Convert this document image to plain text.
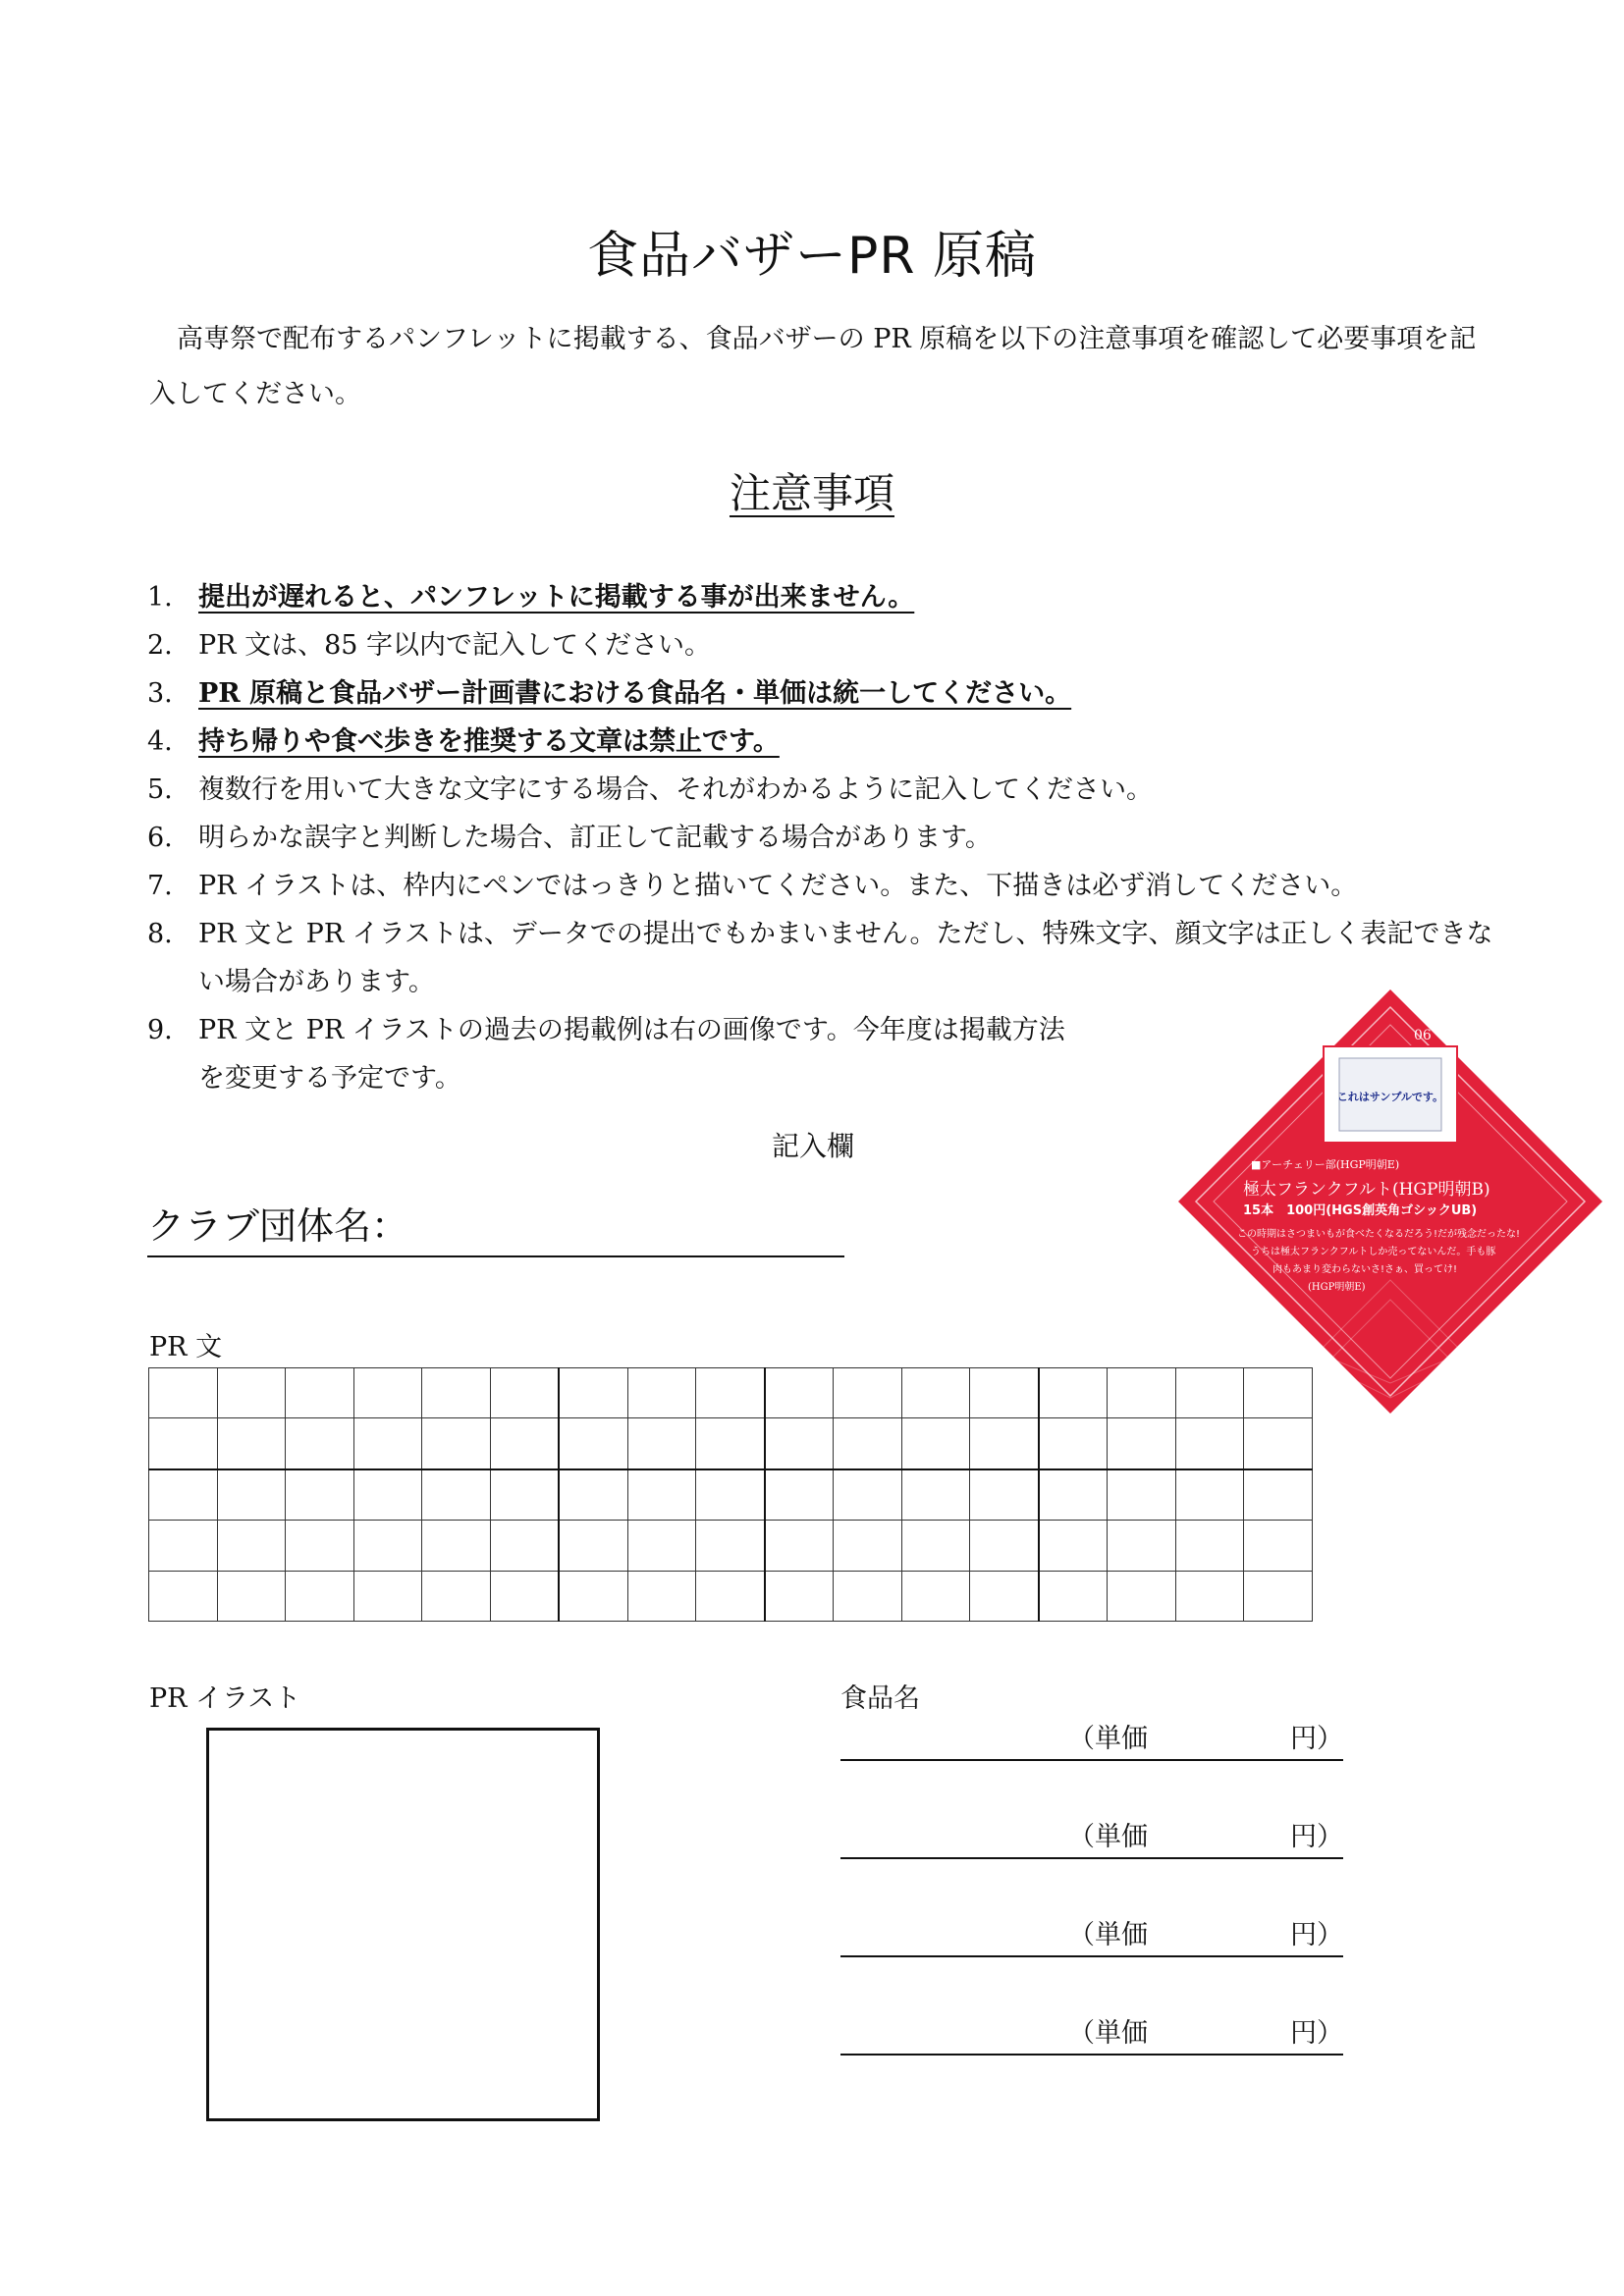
食品バザーPR 原稿
高専祭で配布するパンフレットに掲載する、食品バザーの PR 原稿を以下の注意事項を確認して必要事項を記入してください。
注意事項
1. 提出が遅れると、パンフレットに掲載する事が出来ません。
2. PR 文は、85 字以内で記入してください。
3. PR 原稿と食品バザー計画書における食品名・単価は統一してください。
4. 持ち帰りや食べ歩きを推奨する文章は禁止です。
5. 複数行を用いて大きな文字にする場合、それがわかるように記入してください。
6. 明らかな誤字と判断した場合、訂正して記載する場合があります。
7. PR イラストは、枠内にペンではっきりと描いてください。また、下描きは必ず消してください。
8. PR 文と PR イラストは、データでの提出でもかまいません。ただし、特殊文字、顔文字は正しく表記できない場合があります。
9. PR 文と PR イラストの過去の掲載例は右の画像です。今年度は掲載方法を変更する予定です。
記入欄
クラブ団体名：
PR 文

PR イラスト	食品名
（単価	円）
（単価	円）
（単価	円）
（単価	円）
06
これはサンプルです。
■アーチェリー部(HGP明朝E)
極太フランクフルト(HGP明朝B)
15本　100円(HGS創英角ゴシックUB)
この時期はさつまいもが食べたくなるだろう!だが残念だったな!
うちは極太フランクフルトしか売ってないんだ。手も豚
肉もあまり変わらないさ!さぁ、買ってけ!
(HGP明朝E)
